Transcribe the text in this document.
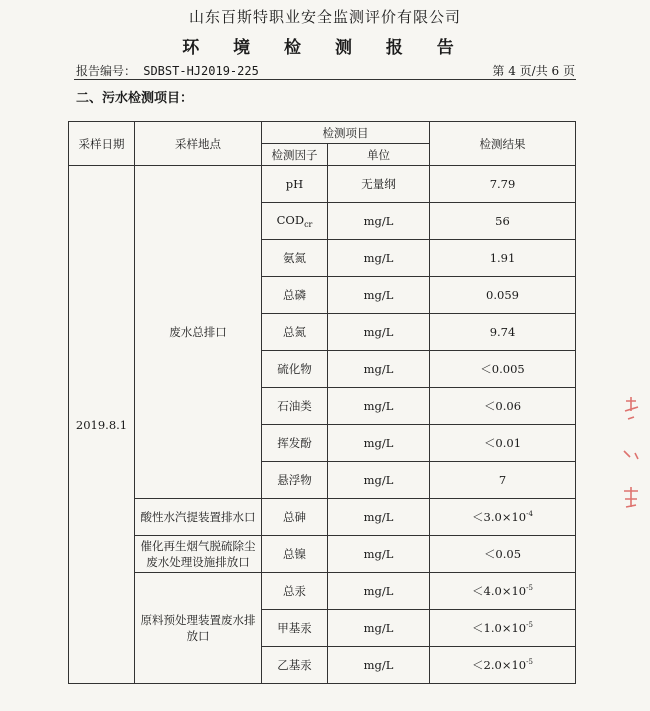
山东百斯特职业安全监测评价有限公司
环 境 检 测 报 告
报告编号： SDBST-HJ2019-225	第 4 页/共 6 页
二、污水检测项目：
采样日期	采样地点	检测项目		检测结果
		检测因子	单位	
2019.8.1	废水总排口	pH	无量纲	7.79
		$COD_{cr}$	mg/L	56
		氨氮	mg/L	1.91
		总磷	mg/L	0.059
		总氮	mg/L	9.74
		硫化物	mg/L	＜0.005
		石油类	mg/L	＜0.06
		挥发酚	mg/L	＜0.01
		悬浮物	mg/L	7
	酸性水汽提装置排水口	总砷	mg/L	$<3.0\times 10^{-4}$
	催化再生烟气脱硫除尘废水处理设施排放口	总镍	mg/L	＜0.05
	原料预处理装置废水排放口	总汞	mg/L	$<4.0\times 10^{-5}$
		甲基汞	mg/L	$<1.0\times 10^{-5}$
		乙基汞	mg/L	$<2.0\times 10^{-5}$
